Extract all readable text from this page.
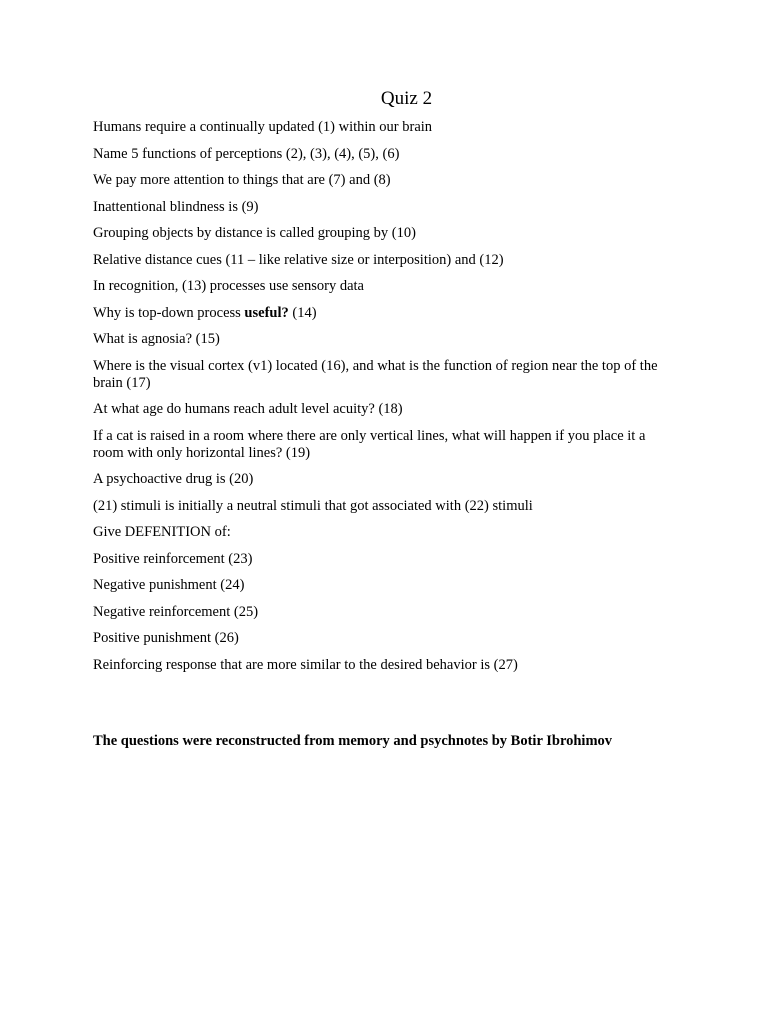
Quiz 2

Humans require a continually updated (1) within our brain

Name 5 functions of perceptions (2), (3), (4), (5), (6)

We pay more attention to things that are (7) and (8)

Inattentional blindness is (9)

Grouping objects by distance is called grouping by (10)

Relative distance cues (11 – like relative size or interposition) and (12)

In recognition, (13) processes use sensory data

Why is top-down process useful? (14)

What is agnosia? (15)

Where is the visual cortex (v1) located (16), and what is the function of region near the top of the brain (17)

At what age do humans reach adult level acuity? (18)

If a cat is raised in a room where there are only vertical lines, what will happen if you place it a room with only horizontal lines? (19)

A psychoactive drug is (20)

(21) stimuli is initially a neutral stimuli that got associated with (22) stimuli

Give DEFENITION of:

Positive reinforcement (23)

Negative punishment (24)

Negative reinforcement (25)

Positive punishment (26)

Reinforcing response that are more similar to the desired behavior is (27)

The questions were reconstructed from memory and psychnotes by Botir Ibrohimov
